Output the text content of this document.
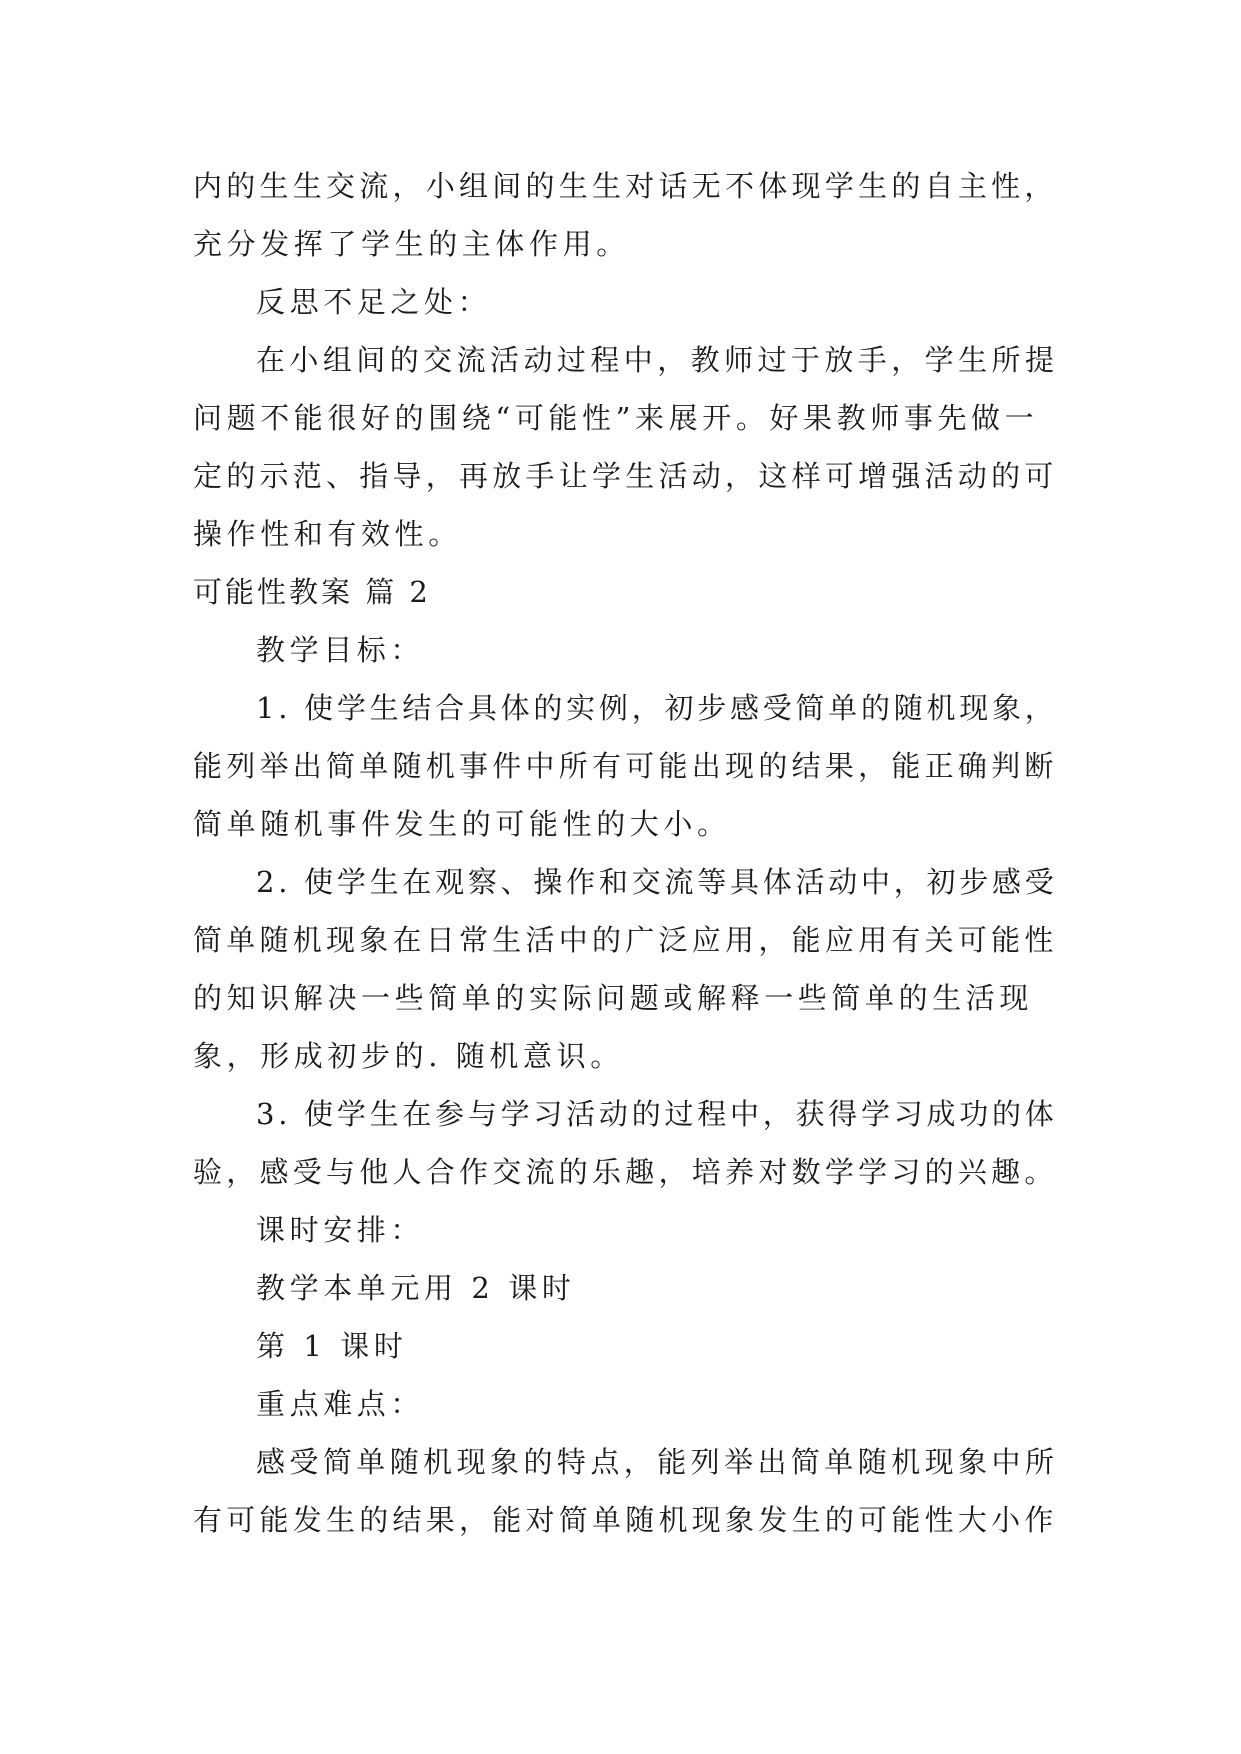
内的生生交流，小组间的生生对话无不体现学生的自主性，
充分发挥了学生的主体作用。
反思不足之处：
在小组间的交流活动过程中，教师过于放手，学生所提
问题不能很好的围绕“可能性”来展开。好果教师事先做一
定的示范、指导，再放手让学生活动，这样可增强活动的可
操作性和有效性。
可能性教案 篇 2
教学目标：
1. 使学生结合具体的实例，初步感受简单的随机现象，
能列举出简单随机事件中所有可能出现的结果，能正确判断
简单随机事件发生的可能性的大小。
2. 使学生在观察、操作和交流等具体活动中，初步感受
简单随机现象在日常生活中的广泛应用，能应用有关可能性
的知识解决一些简单的实际问题或解释一些简单的生活现
象，形成初步的. 随机意识。
3. 使学生在参与学习活动的过程中，获得学习成功的体
验，感受与他人合作交流的乐趣，培养对数学学习的兴趣。
课时安排：
教学本单元用 2 课时
第 1 课时
重点难点：
感受简单随机现象的特点，能列举出简单随机现象中所
有可能发生的结果，能对简单随机现象发生的可能性大小作
